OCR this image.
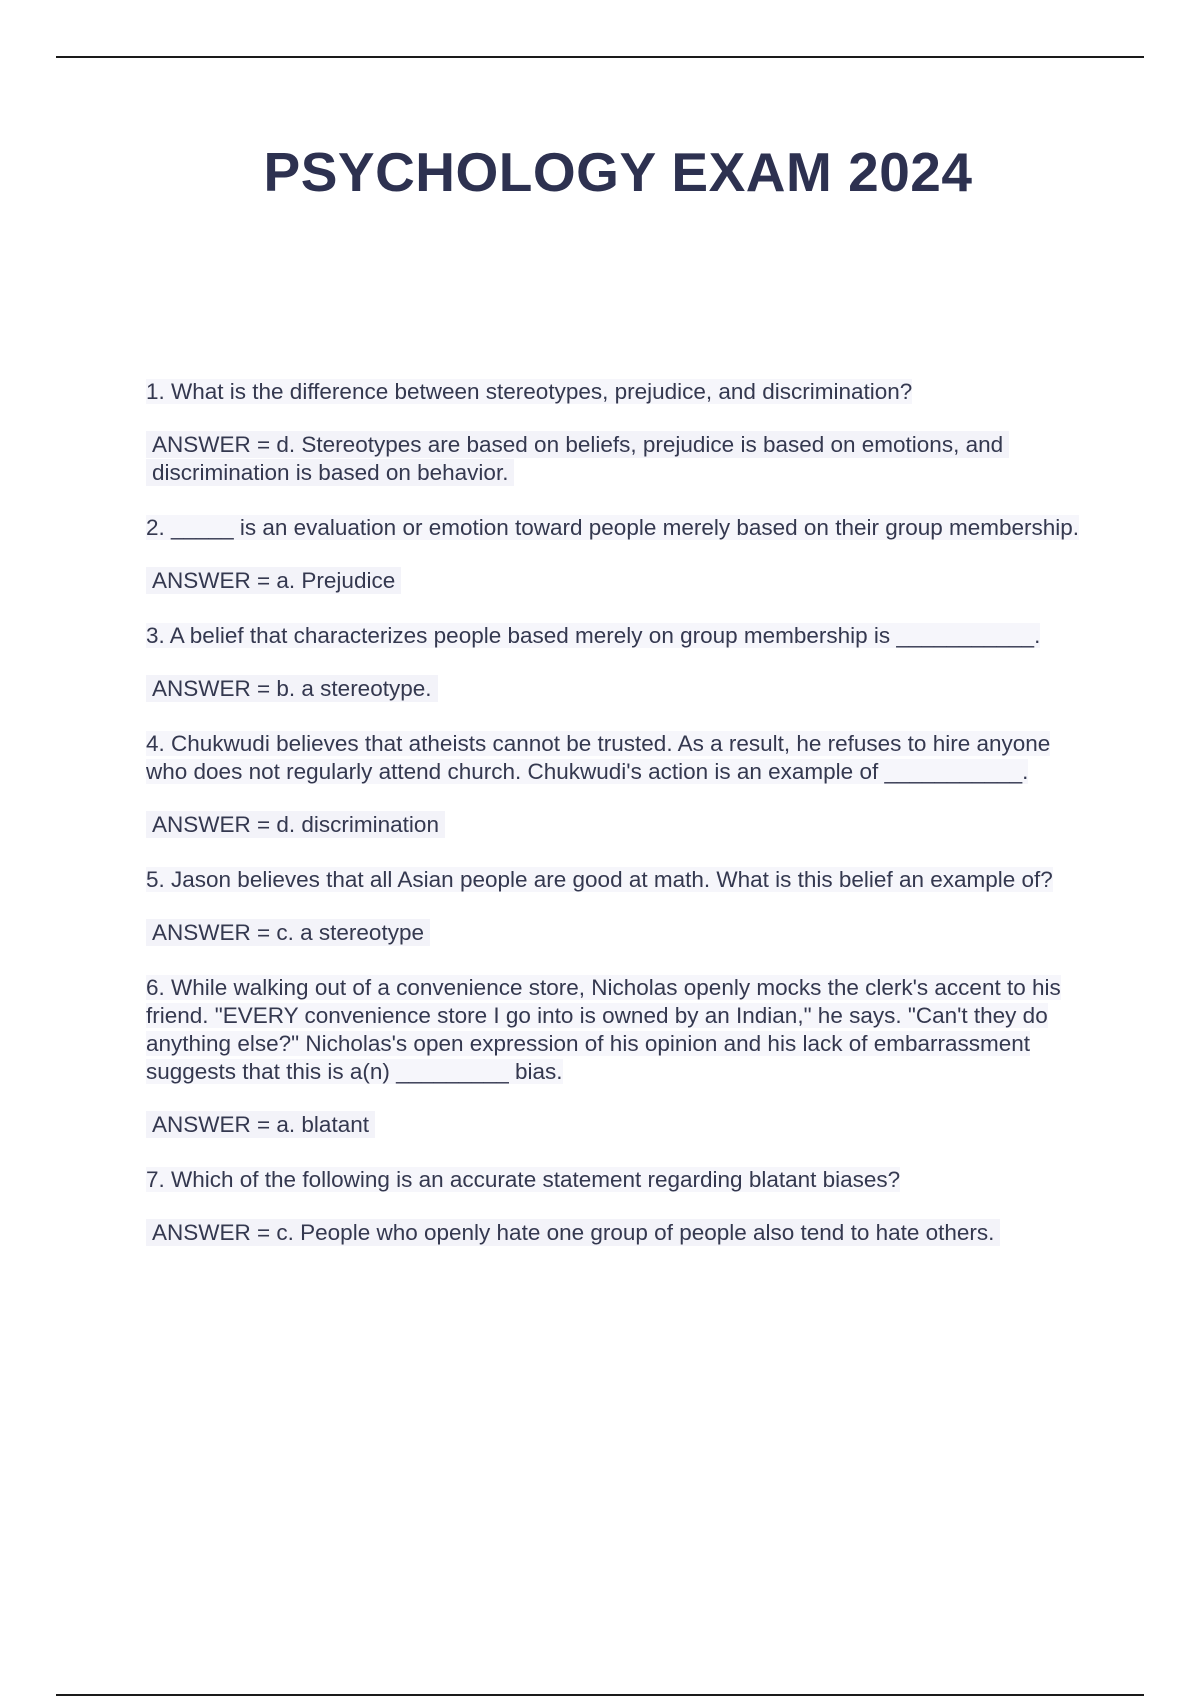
PSYCHOLOGY EXAM 2024

1. What is the difference between stereotypes, prejudice, and discrimination?

ANSWER = d. Stereotypes are based on beliefs, prejudice is based on emotions, and discrimination is based on behavior.

2. _____ is an evaluation or emotion toward people merely based on their group membership.

ANSWER = a. Prejudice

3. A belief that characterizes people based merely on group membership is ___________.

ANSWER = b. a stereotype.

4. Chukwudi believes that atheists cannot be trusted. As a result, he refuses to hire anyone who does not regularly attend church. Chukwudi's action is an example of ___________.

ANSWER = d. discrimination

5. Jason believes that all Asian people are good at math. What is this belief an example of?

ANSWER = c. a stereotype

6. While walking out of a convenience store, Nicholas openly mocks the clerk's accent to his friend. "EVERY convenience store I go into is owned by an Indian," he says. "Can't they do anything else?" Nicholas's open expression of his opinion and his lack of embarrassment suggests that this is a(n) _________ bias.

ANSWER = a. blatant

7. Which of the following is an accurate statement regarding blatant biases?

ANSWER = c. People who openly hate one group of people also tend to hate others.
